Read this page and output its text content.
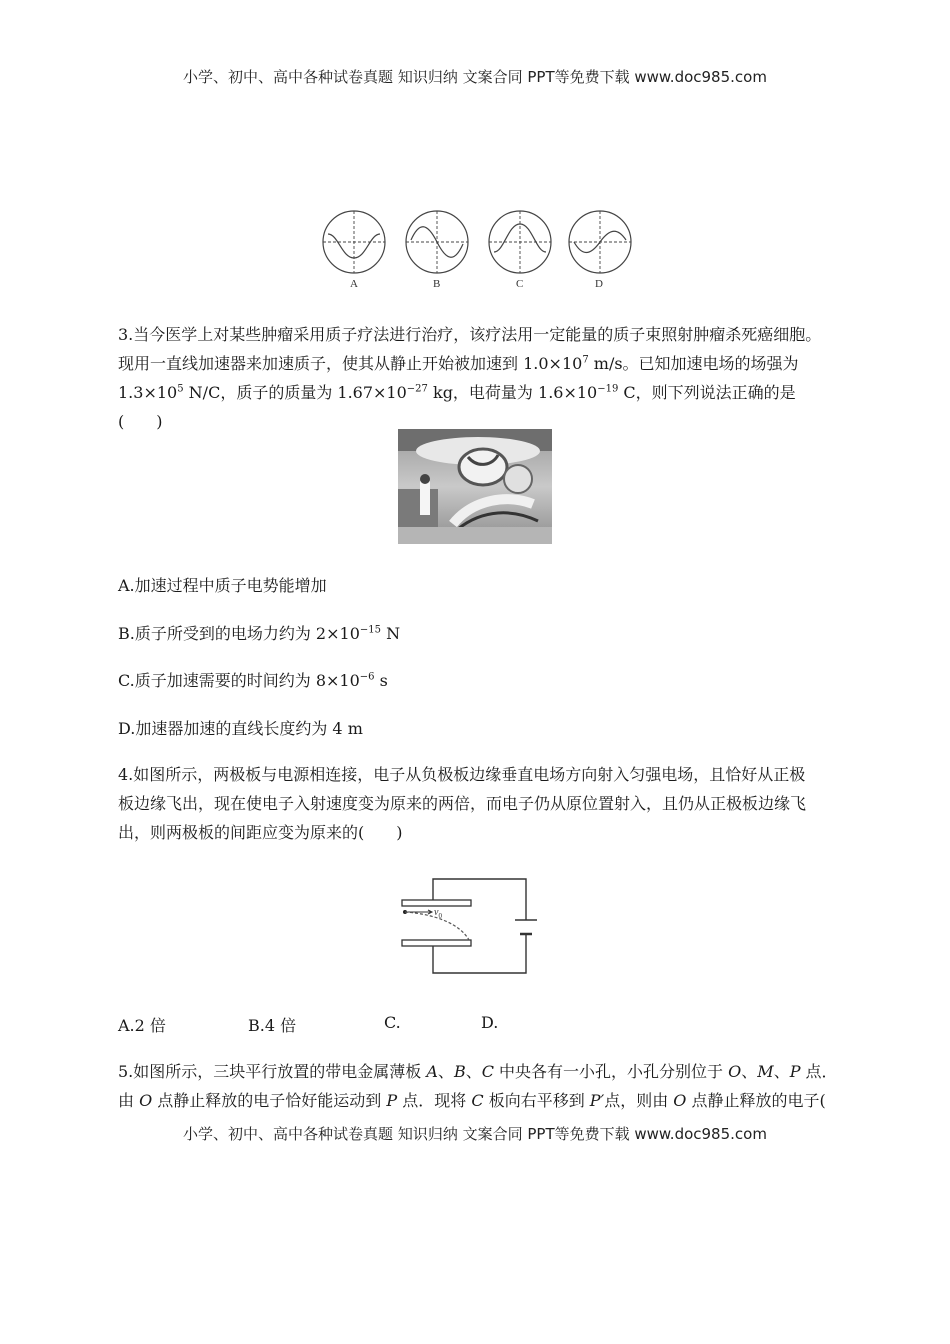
小学、初中、高中各种试卷真题 知识归纳 文案合同 PPT等免费下载 www.doc985.com
A	B	C	D
3.当今医学上对某些肿瘤采用质子疗法进行治疗，该疗法用一定能量的质子束照射肿瘤杀死癌细胞。
现用一直线加速器来加速质子，使其从静止开始被加速到 $1.0\times 10^7$ m/s。已知加速电场的场强为
$1.3\times 10^5$ N/C，质子的质量为 $1.67\times 10^{-27}$ kg，电荷量为 $1.6\times 10^{-19}$ C，则下列说法正确的是(　　)
A.加速过程中质子电势能增加
B.质子所受到的电场力约为 $2\times 10^{-15}$ N
C.质子加速需要的时间约为 $8\times 10^{-6}$ s
D.加速器加速的直线长度约为 4 m
4.如图所示，两极板与电源相连接，电子从负极板边缘垂直电场方向射入匀强电场，且恰好从正极
板边缘飞出，现在使电子入射速度变为原来的两倍，而电子仍从原位置射入，且仍从正极板边缘飞
出，则两极板的间距应变为原来的(　　)
$v_0$
A.2 倍	B.4 倍	C.	D.
5.如图所示，三块平行放置的带电金属薄板 A、B、C 中央各有一小孔，小孔分别位于 O、M、P 点．
由 O 点静止释放的电子恰好能运动到 P 点．现将 C 板向右平移到 P′点，则由 O 点静止释放的电子(
小学、初中、高中各种试卷真题 知识归纳 文案合同 PPT等免费下载 www.doc985.com
